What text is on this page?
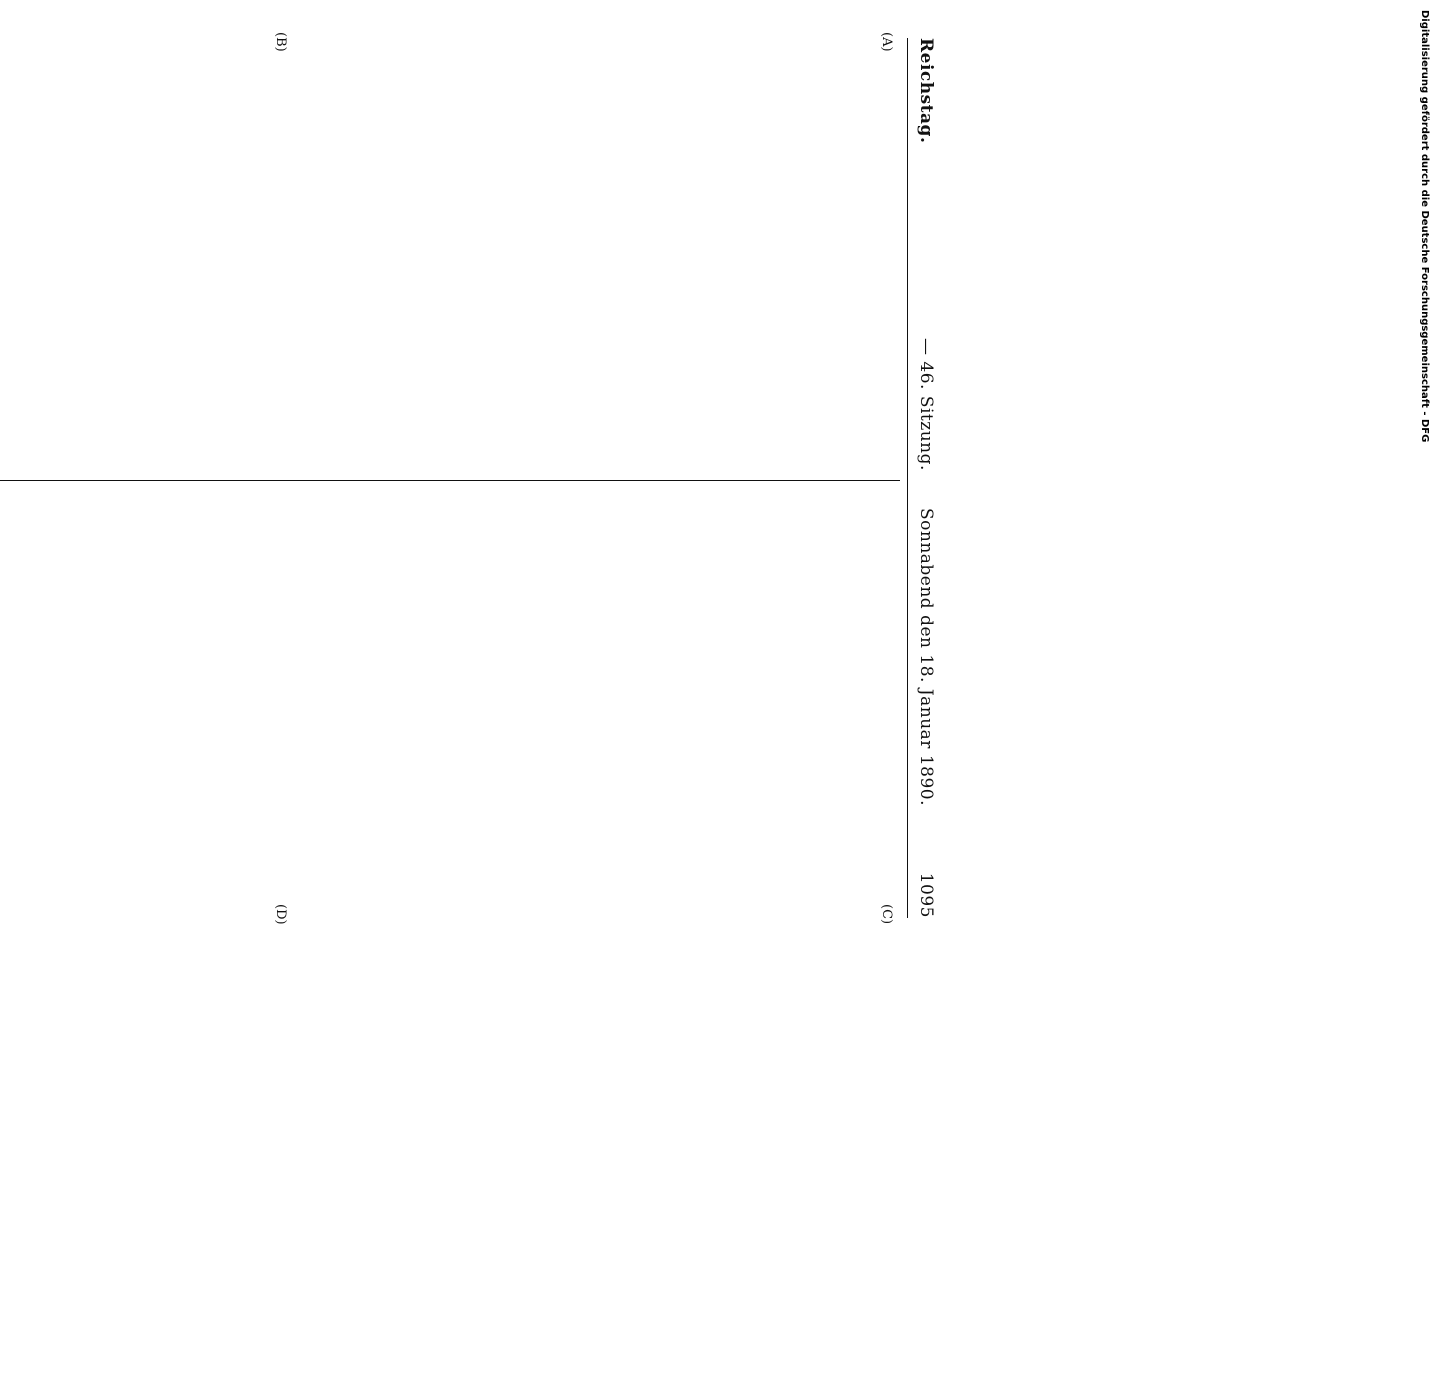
Reichstag.
— 46. Sitzung.
Sonnabend den 18. Januar 1890.
1095
(A)
(B)
(C)
(D)
Digitalisierung gefördert durch die Deutsche Forschungsgemeinschaft - DFG
